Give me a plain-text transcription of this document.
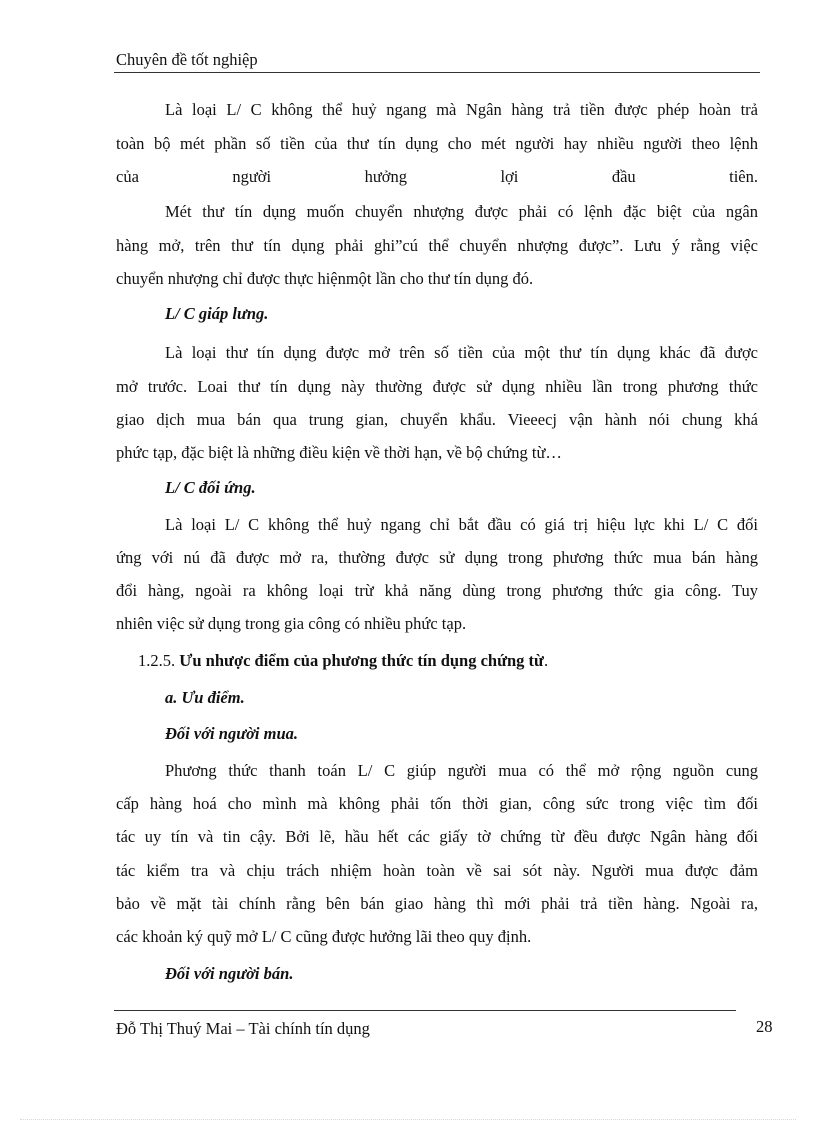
Chuyên đề tốt nghiệp
Là loại L/ C không thể huỷ ngang mà Ngân hàng trả tiền được phép hoàn trả
toàn bộ mét phần số tiền của thư tín dụng cho mét người hay nhiều người theo lệnh
của người hưởng lợi đầu tiên.
Mét thư tín dụng muốn chuyển nhượng được phải có lệnh đặc biệt của ngân
hàng mở, trên thư tín dụng phải ghi”cú thể chuyển nhượng được”. Lưu ý rằng việc
chuyển nhượng chỉ được thực hiệnmột lần cho thư tín dụng đó.
L/ C giáp lưng.
Là loại thư tín dụng được mở trên số tiền của một thư tín dụng khác đã được
mở trước. Loai thư tín dụng này thường được sử dụng nhiều lần trong phương thức
giao dịch mua bán qua trung gian, chuyển khẩu. Vieeecj vận hành nói chung khá
phức tạp, đặc biệt là những điều kiện về thời hạn, về bộ chứng từ…
L/ C đối ứng.
Là loại L/ C không thể huỷ ngang chỉ bắt đầu có giá trị hiệu lực khi L/ C đối
ứng với nú đã được mở ra, thường được sử dụng trong phương thức mua bán hàng
đổi hàng, ngoài ra không loại trừ khả năng dùng trong phương thức gia công. Tuy
nhiên việc sử dụng trong gia công có nhiều phức tạp.
1.2.5. Ưu nhược điểm của phương thức tín dụng chứng từ.
a. Ưu điểm.
Đối với người mua.
Phương thức thanh toán L/ C giúp người mua có thể mở rộng nguồn cung
cấp hàng hoá cho mình mà không phải tốn thời gian, công sức trong việc tìm đối
tác uy tín và tin cậy. Bởi lẽ, hầu hết các giấy tờ chứng từ đều được Ngân hàng đối
tác kiểm tra và chịu trách nhiệm hoàn toàn về sai sót này. Người mua được đảm
bảo về mặt tài chính rằng bên bán giao hàng thì mới phải trả tiền hàng. Ngoài ra,
các khoản ký quỹ mở L/ C cũng được hưởng lãi theo quy định.
Đối với người bán.
Đỗ Thị Thuý Mai – Tài chính tín dụng	28
